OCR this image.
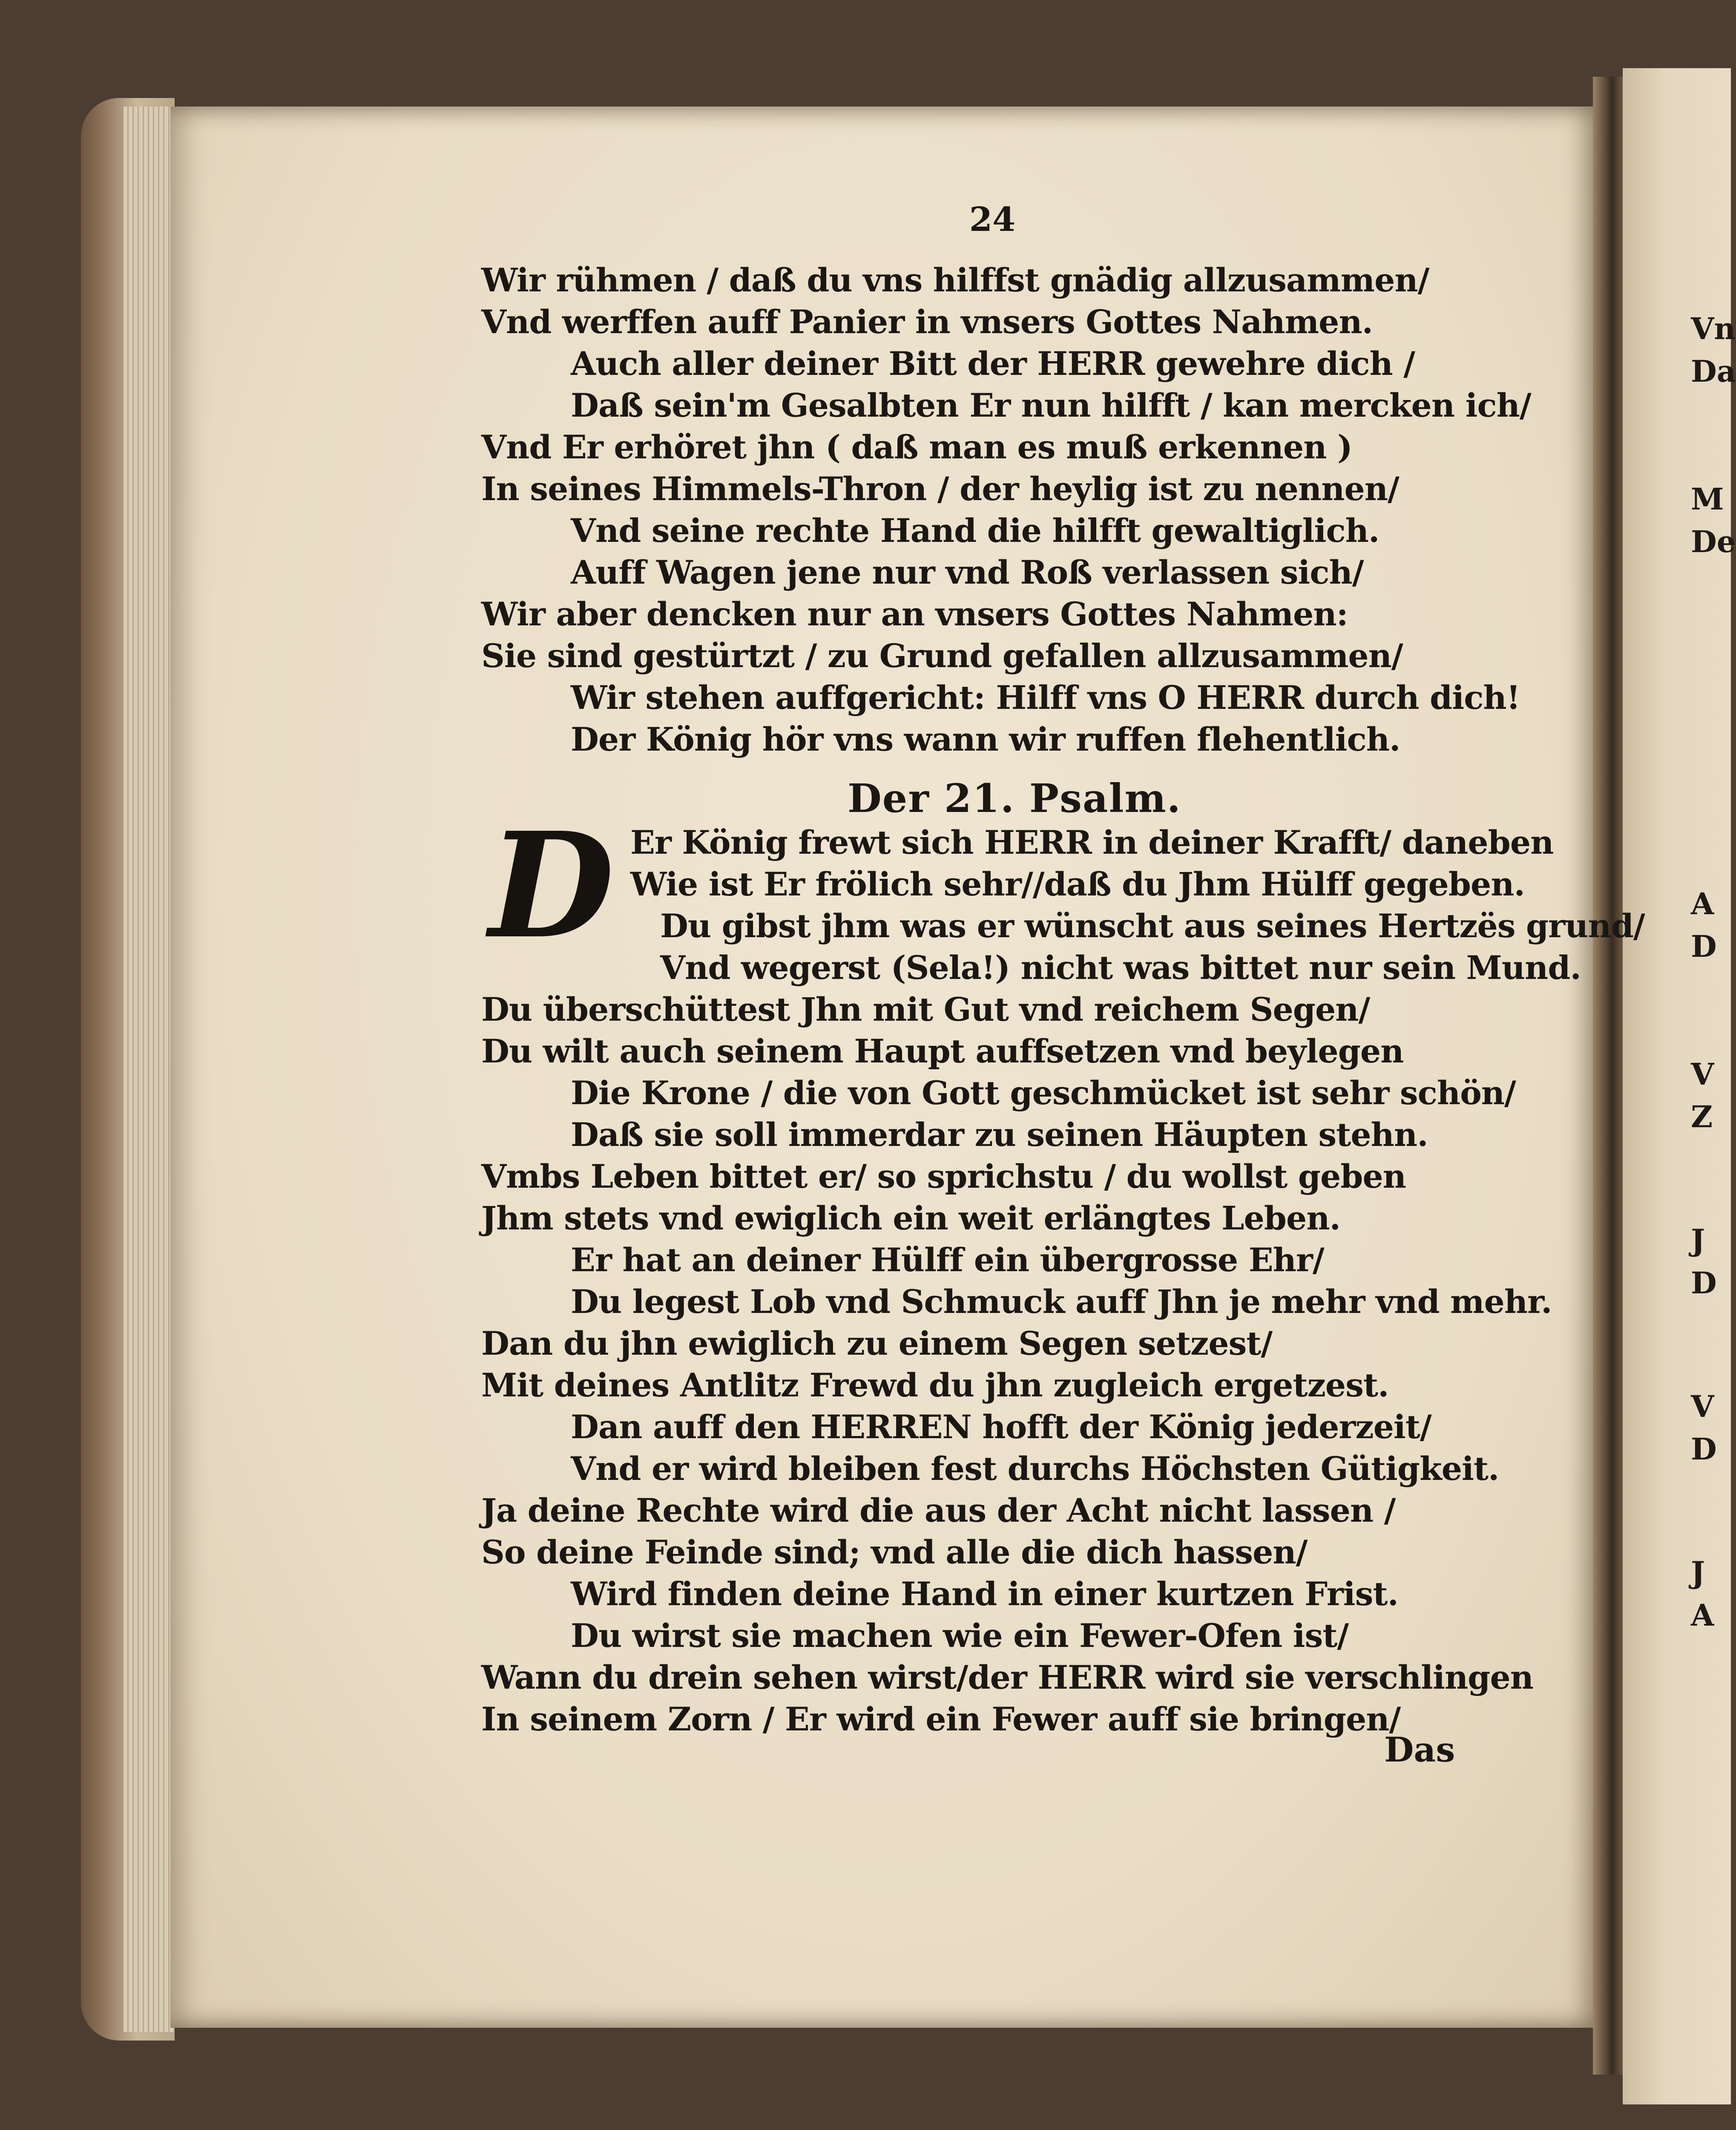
Vn
Da
M
De
A
D
V
Z
J
D
V
D
J
A
24
Wir rühmen / daß du vns hilffst gnädig allzusammen/
Vnd werffen auff Panier in vnsers Gottes Nahmen.
Auch aller deiner Bitt der HERR gewehre dich /
Daß sein'm Gesalbten Er nun hilfft / kan mercken ich/
Vnd Er erhöret jhn ( daß man es muß erkennen )
In seines Himmels-Thron / der heylig ist zu nennen/
Vnd seine rechte Hand die hilfft gewaltiglich.
Auff Wagen jene nur vnd Roß verlassen sich/
Wir aber dencken nur an vnsers Gottes Nahmen:
Sie sind gestürtzt / zu Grund gefallen allzusammen/
Wir stehen auffgericht: Hilff vns O HERR durch dich!
Der König hör vns wann wir ruffen flehentlich.
Der 21. Psalm.
D Er König frewt sich HERR in deiner Krafft/ daneben
Wie ist Er frölich sehr//daß du Jhm Hülff gegeben.
Du gibst jhm was er wünscht aus seines Hertzës grund/
Vnd wegerst (Sela!) nicht was bittet nur sein Mund.
Du überschüttest Jhn mit Gut vnd reichem Segen/
Du wilt auch seinem Haupt auffsetzen vnd beylegen
Die Krone / die von Gott geschmücket ist sehr schön/
Daß sie soll immerdar zu seinen Häupten stehn.
Vmbs Leben bittet er/ so sprichstu / du wollst geben
Jhm stets vnd ewiglich ein weit erlängtes Leben.
Er hat an deiner Hülff ein übergrosse Ehr/
Du legest Lob vnd Schmuck auff Jhn je mehr vnd mehr.
Dan du jhn ewiglich zu einem Segen setzest/
Mit deines Antlitz Frewd du jhn zugleich ergetzest.
Dan auff den HERREN hofft der König jederzeit/
Vnd er wird bleiben fest durchs Höchsten Gütigkeit.
Ja deine Rechte wird die aus der Acht nicht lassen /
So deine Feinde sind; vnd alle die dich hassen/
Wird finden deine Hand in einer kurtzen Frist.
Du wirst sie machen wie ein Fewer-Ofen ist/
Wann du drein sehen wirst/der HERR wird sie verschlingen
In seinem Zorn / Er wird ein Fewer auff sie bringen/
Das
